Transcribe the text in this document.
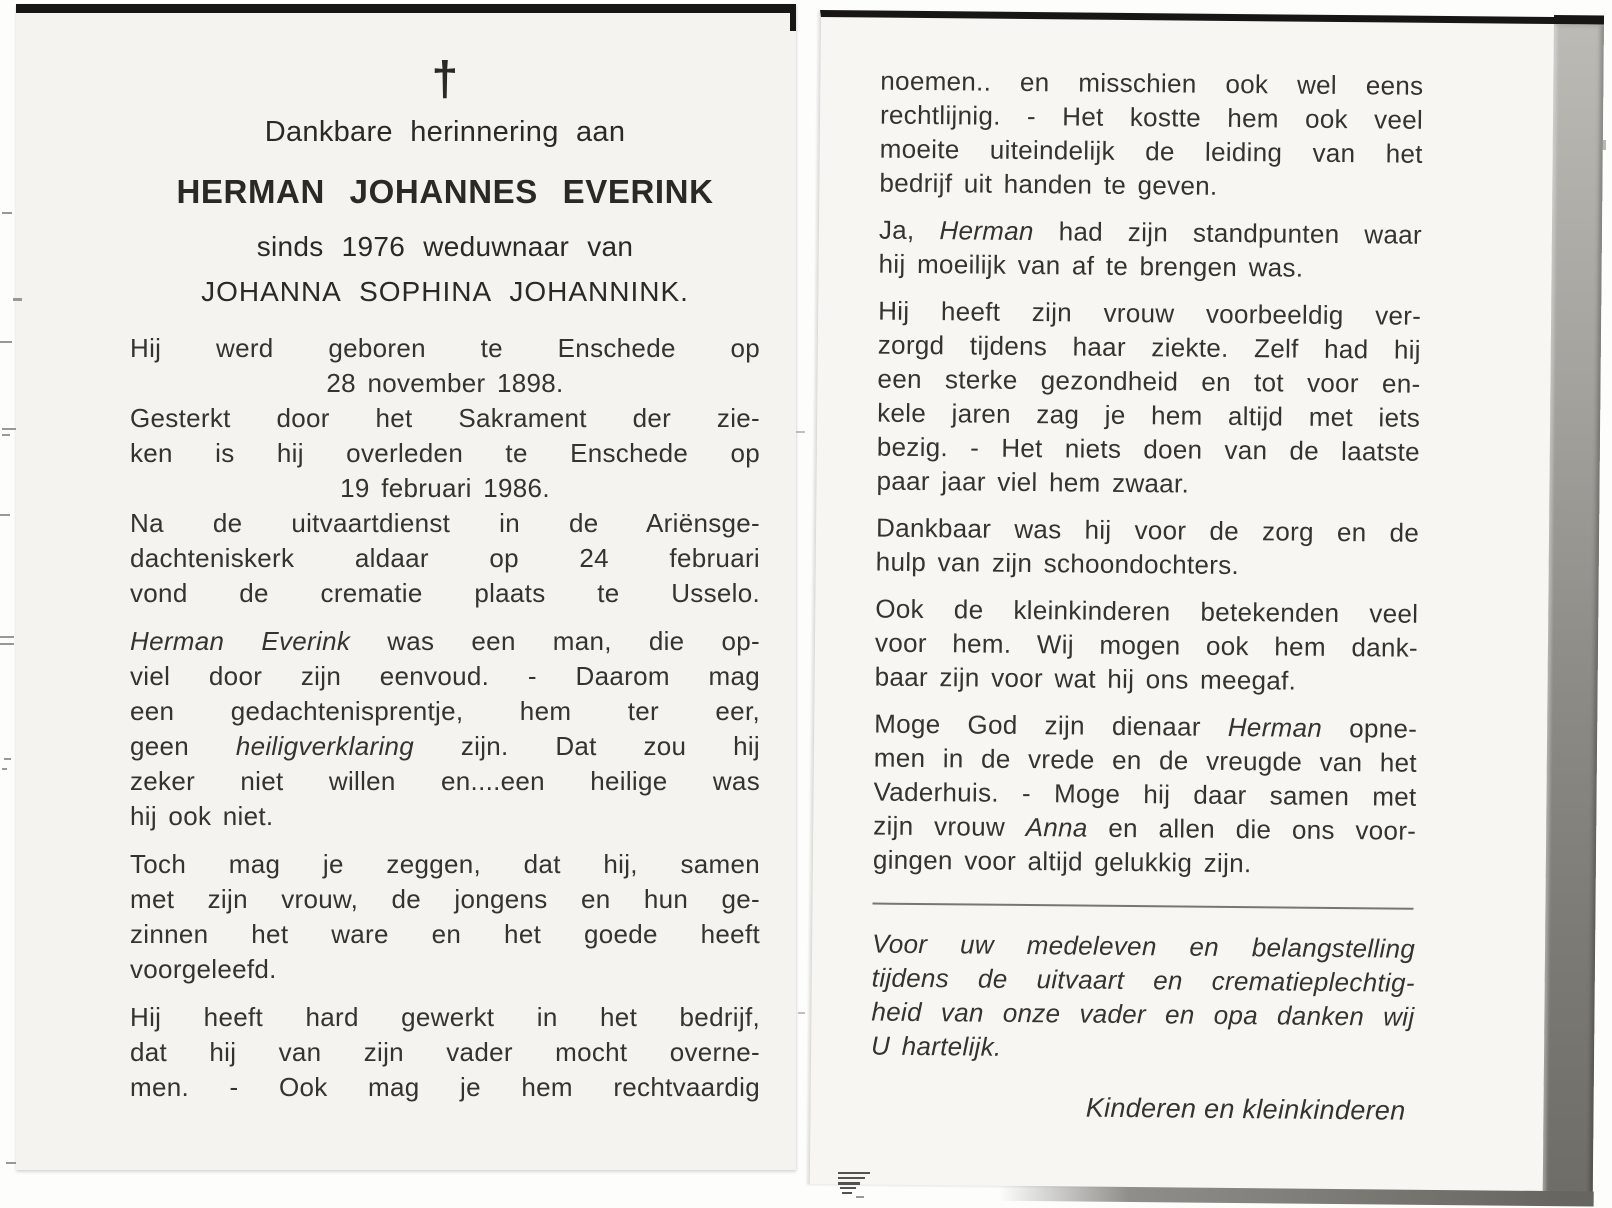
†
Dankbare herinnering aan
HERMAN JOHANNES EVERINK
sinds 1976 weduwnaar van
JOHANNA SOPHINA JOHANNINK.
Hij werd geboren te Enschede op
28 november 1898.
Gesterkt door het Sakrament der zie-
ken is hij overleden te Enschede op
19 februari 1986.
Na de uitvaartdienst in de Ariënsge-
dachteniskerk aldaar op 24 februari
vond de crematie plaats te Usselo.
Herman Everink was een man, die op-
viel door zijn eenvoud. - Daarom mag
een gedachtenisprentje, hem ter eer,
geen heiligverklaring zijn. Dat zou hij
zeker niet willen en....een heilige was
hij ook niet.
Toch mag je zeggen, dat hij, samen
met zijn vrouw, de jongens en hun ge-
zinnen het ware en het goede heeft
voorgeleefd.
Hij heeft hard gewerkt in het bedrijf,
dat hij van zijn vader mocht overne-
men. - Ook mag je hem rechtvaardig
noemen.. en misschien ook wel eens
rechtlijnig. - Het kostte hem ook veel
moeite uiteindelijk de leiding van het
bedrijf uit handen te geven.
Ja, Herman had zijn standpunten waar
hij moeilijk van af te brengen was.
Hij heeft zijn vrouw voorbeeldig ver-
zorgd tijdens haar ziekte. Zelf had hij
een sterke gezondheid en tot voor en-
kele jaren zag je hem altijd met iets
bezig. - Het niets doen van de laatste
paar jaar viel hem zwaar.
Dankbaar was hij voor de zorg en de
hulp van zijn schoondochters.
Ook de kleinkinderen betekenden veel
voor hem. Wij mogen ook hem dank-
baar zijn voor wat hij ons meegaf.
Moge God zijn dienaar Herman opne-
men in de vrede en de vreugde van het
Vaderhuis. - Moge hij daar samen met
zijn vrouw Anna en allen die ons voor-
gingen voor altijd gelukkig zijn.
Voor uw medeleven en belangstelling
tijdens de uitvaart en crematieplechtig-
heid van onze vader en opa danken wij
U hartelijk.
Kinderen en kleinkinderen
